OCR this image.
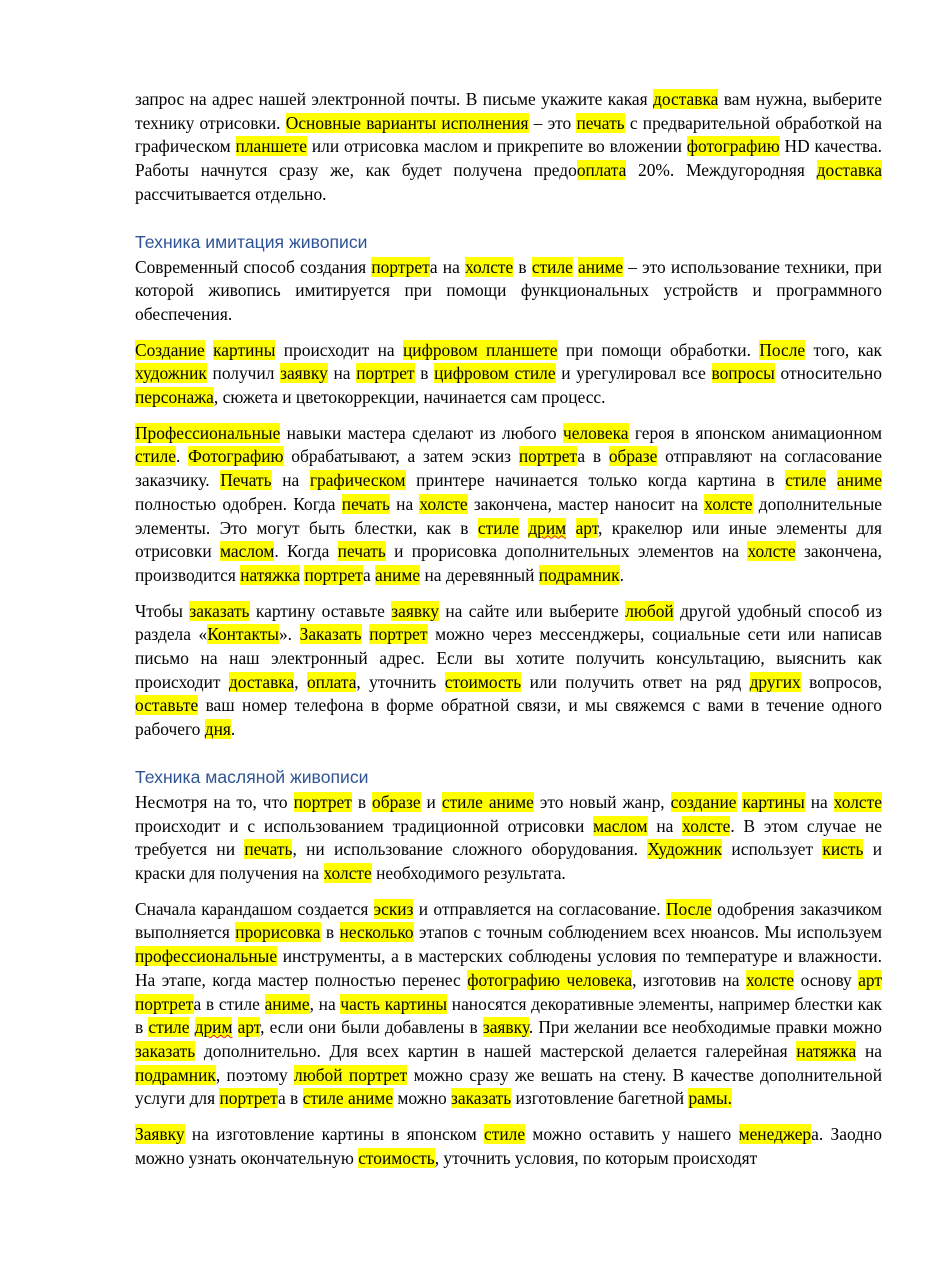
запрос на адрес нашей электронной почты. В письме укажите какая доставка вам нужна, выберите технику отрисовки. Основные варианты исполнения – это печать с предварительной обработкой на графическом планшете или отрисовка маслом и прикрепите во вложении фотографию HD качества. Работы начнутся сразу же, как будет получена предооплата 20%. Междугородняя доставка рассчитывается отдельно.

Техника имитация живописи

Современный способ создания портрета на холсте в стиле аниме – это использование техники, при которой живопись имитируется при помощи функциональных устройств и программного обеспечения.

Создание картины происходит на цифровом планшете при помощи обработки. После того, как художник получил заявку на портрет в цифровом стиле и урегулировал все вопросы относительно персонажа, сюжета и цветокоррекции, начинается сам процесс.

Профессиональные навыки мастера сделают из любого человека героя в японском анимационном стиле. Фотографию обрабатывают, а затем эскиз портрета в образе отправляют на согласование заказчику. Печать на графическом принтере начинается только когда картина в стиле аниме полностью одобрен. Когда печать на холсте закончена, мастер наносит на холсте дополнительные элементы. Это могут быть блестки, как в стиле дрим арт, кракелюр или иные элементы для отрисовки маслом. Когда печать и прорисовка дополнительных элементов на холсте закончена, производится натяжка портрета аниме на деревянный подрамник.

Чтобы заказать картину оставьте заявку на сайте или выберите любой другой удобный способ из раздела «Контакты». Заказать портрет можно через мессенджеры, социальные сети или написав письмо на наш электронный адрес. Если вы хотите получить консультацию, выяснить как происходит доставка, оплата, уточнить стоимость или получить ответ на ряд других вопросов, оставьте ваш номер телефона в форме обратной связи, и мы свяжемся с вами в течение одного рабочего дня.

Техника масляной живописи

Несмотря на то, что портрет в образе и стиле аниме это новый жанр, создание картины на холсте происходит и с использованием традиционной отрисовки маслом на холсте. В этом случае не требуется ни печать, ни использование сложного оборудования. Художник использует кисть и краски для получения на холсте необходимого результата.

Сначала карандашом создается эскиз и отправляется на согласование. После одобрения заказчиком выполняется прорисовка в несколько этапов с точным соблюдением всех нюансов. Мы используем профессиональные инструменты, а в мастерских соблюдены условия по температуре и влажности. На этапе, когда мастер полностью перенес фотографию человека, изготовив на холсте основу арт портрета в стиле аниме, на часть картины наносятся декоративные элементы, например блестки как в стиле дрим арт, если они были добавлены в заявку. При желании все необходимые правки можно заказать дополнительно. Для всех картин в нашей мастерской делается галерейная натяжка на подрамник, поэтому любой портрет можно сразу же вешать на стену. В качестве дополнительной услуги для портрета в стиле аниме можно заказать изготовление багетной рамы.

Заявку на изготовление картины в японском стиле можно оставить у нашего менеджера. Заодно можно узнать окончательную стоимость, уточнить условия, по которым происходят
